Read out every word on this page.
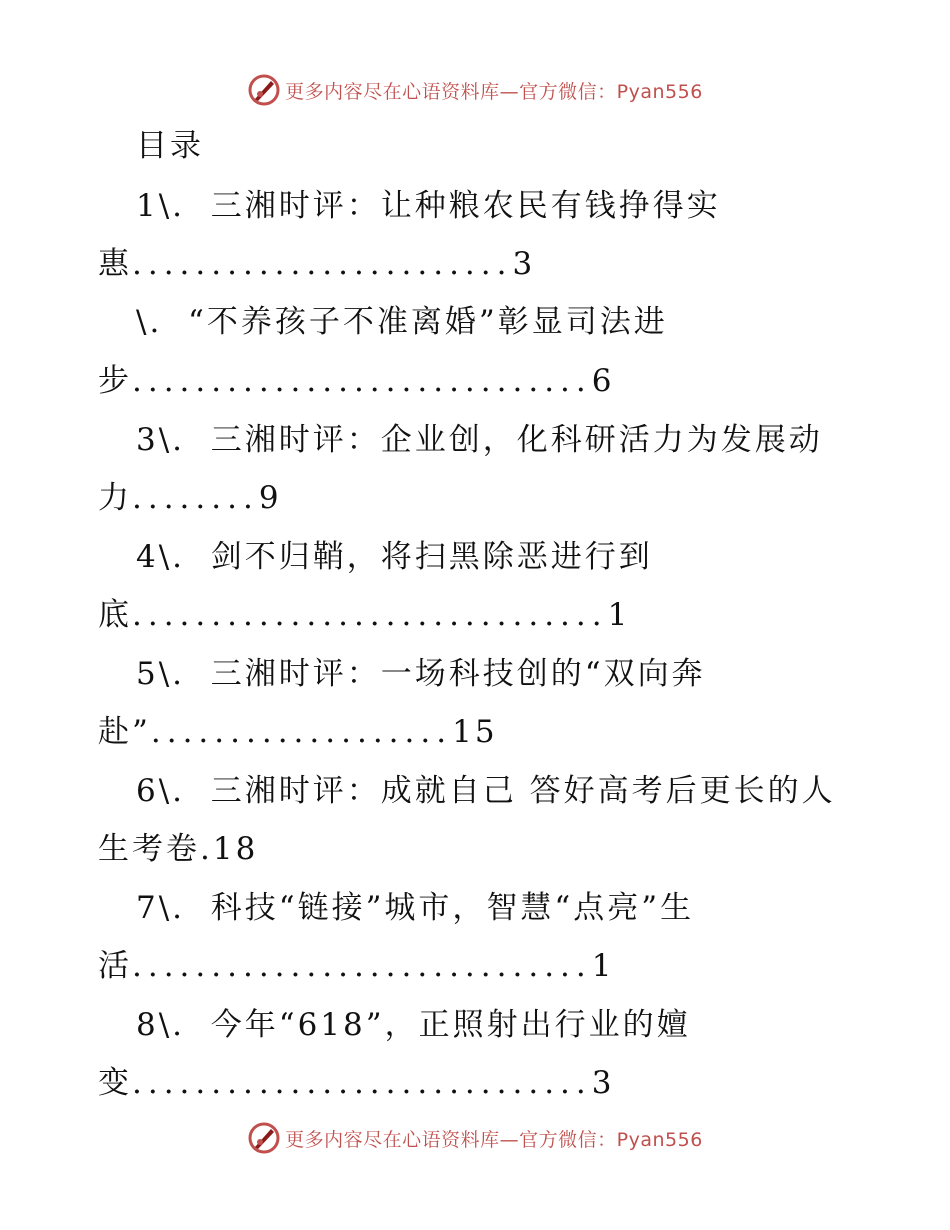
更多内容尽在心语资料库—官方微信：Pyan556
目录
1\.  三湘时评：让种粮农民有钱挣得实
惠........................3
\.  “不养孩子不准离婚”彰显司法进
步.............................6
3\.  三湘时评：企业创，化科研活力为发展动
力........9
4\.  剑不归鞘，将扫黑除恶进行到
底..............................1
5\.  三湘时评：一场科技创的“双向奔
赴”...................15
6\.  三湘时评：成就自己 答好高考后更长的人
生考卷.18
7\.  科技“链接”城市，智慧“点亮”生
活.............................1
8\.  今年“618”，正照射出行业的嬗
变.............................3
更多内容尽在心语资料库—官方微信：Pyan556
